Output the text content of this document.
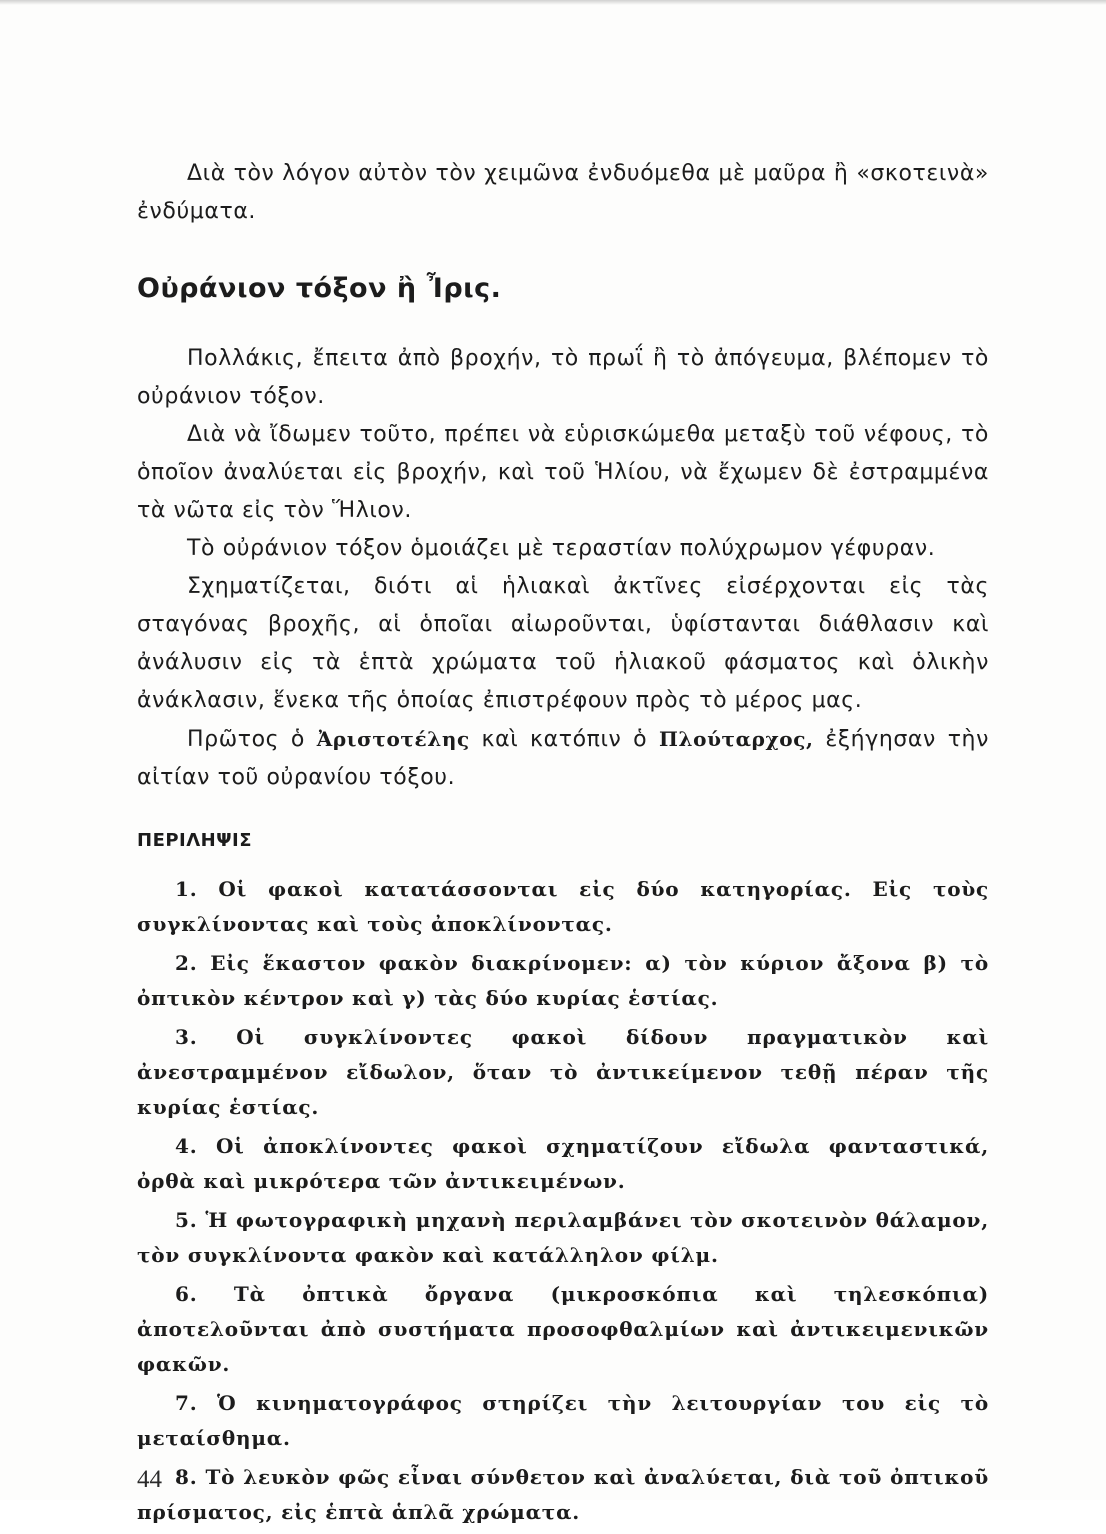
Διὰ τὸν λόγον αὐτὸν τὸν χειμῶνα ἐνδυόμεθα μὲ μαῦρα ἢ «σκοτεινὰ» ἐνδύματα.

Οὐράνιον τόξον ἢ Ἶρις.

Πολλάκις, ἔπειτα ἀπὸ βροχήν, τὸ πρωΐ ἢ τὸ ἀπόγευμα, βλέπομεν τὸ οὐράνιον τόξον.

Διὰ νὰ ἴδωμεν τοῦτο, πρέπει νὰ εὑρισκώμεθα μεταξὺ τοῦ νέφους, τὸ ὁποῖον ἀναλύεται εἰς βροχήν, καὶ τοῦ Ἡλίου, νὰ ἔχωμεν δὲ ἐστραμμένα τὰ νῶτα εἰς τὸν Ἥλιον.

Τὸ οὐράνιον τόξον ὁμοιάζει μὲ τεραστίαν πολύχρωμον γέφυραν.

Σχηματίζεται, διότι αἱ ἡλιακαὶ ἀκτῖνες εἰσέρχονται εἰς τὰς σταγόνας βροχῆς, αἱ ὁποῖαι αἰωροῦνται, ὑφίστανται διάθλασιν καὶ ἀνάλυσιν εἰς τὰ ἑπτὰ χρώματα τοῦ ἡλιακοῦ φάσματος καὶ ὁλικὴν ἀνάκλασιν, ἕνεκα τῆς ὁποίας ἐπιστρέφουν πρὸς τὸ μέρος μας.

Πρῶτος ὁ Ἀριστοτέλης καὶ κατόπιν ὁ Πλούταρχος, ἐξήγησαν τὴν αἰτίαν τοῦ οὐρανίου τόξου.

ΠΕΡΙΛΗΨΙΣ

1. Οἱ φακοὶ κατατάσσονται εἰς δύο κατηγορίας. Εἰς τοὺς συγκλίνοντας καὶ τοὺς ἀποκλίνοντας.

2. Εἰς ἕκαστον φακὸν διακρίνομεν: α) τὸν κύριον ἄξονα β) τὸ ὀπτικὸν κέντρον καὶ γ) τὰς δύο κυρίας ἑστίας.

3. Οἱ συγκλίνοντες φακοὶ δίδουν πραγματικὸν καὶ ἀνεστραμμένον εἴδωλον, ὅταν τὸ ἀντικείμενον τεθῇ πέραν τῆς κυρίας ἑστίας.

4. Οἱ ἀποκλίνοντες φακοὶ σχηματίζουν εἴδωλα φανταστικά, ὀρθὰ καὶ μικρότερα τῶν ἀντικειμένων.

5. Ἡ φωτογραφικὴ μηχανὴ περιλαμβάνει τὸν σκοτεινὸν θάλαμον, τὸν συγκλίνοντα φακὸν καὶ κατάλληλον φίλμ.

6. Τὰ ὀπτικὰ ὄργανα (μικροσκόπια καὶ τηλεσκόπια) ἀποτελοῦνται ἀπὸ συστήματα προσοφθαλμίων καὶ ἀντικειμενικῶν φακῶν.

7. Ὁ κινηματογράφος στηρίζει τὴν λειτουργίαν του εἰς τὸ μεταίσθημα.

8. Τὸ λευκὸν φῶς εἶναι σύνθετον καὶ ἀναλύεται, διὰ τοῦ ὀπτικοῦ πρίσματος, εἰς ἑπτὰ ἁπλᾶ χρώματα.

44
